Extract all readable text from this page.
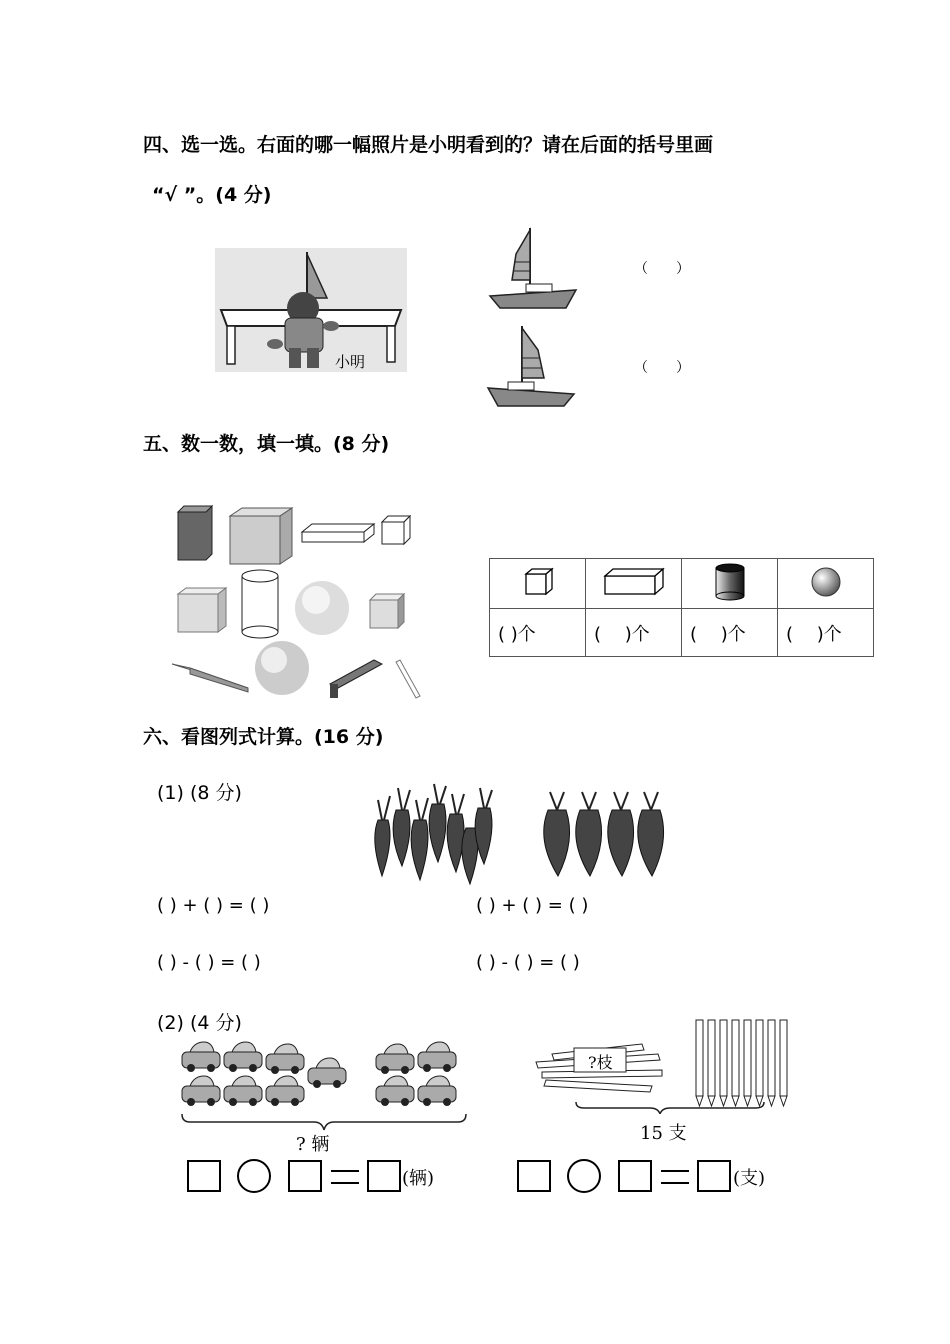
四、选一选。右面的哪一幅照片是小明看到的？请在后面的括号里画
“√ ”。(4 分)
小明
（　　）
（　　）
五、数一数，填一填。(8 分)

( )个	(　 )个	(　 )个	(　 )个
六、看图列式计算。(16 分)
(1) (8 分)
( ) + ( ) = ( )	( ) + ( ) = ( )
( ) - ( ) = ( )	( ) - ( ) = ( )
(2) (4 分)
? 辆
?枝
15 支
(辆)	(支)
